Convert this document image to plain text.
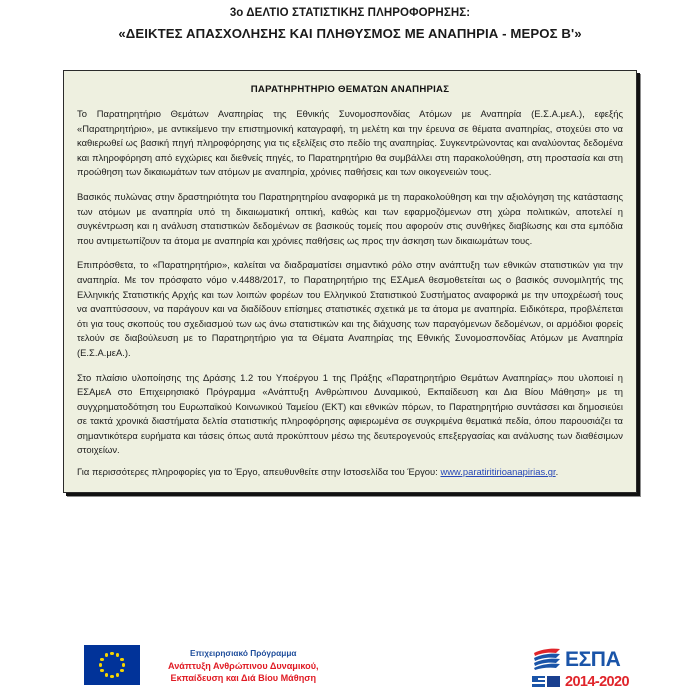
3ο ΔΕΛΤΙΟ ΣΤΑΤΙΣΤΙΚΗΣ ΠΛΗΡΟΦΟΡΗΣΗΣ:
«ΔΕΙΚΤΕΣ ΑΠΑΣΧΟΛΗΣΗΣ ΚΑΙ ΠΛΗΘΥΣΜΟΣ ΜΕ ΑΝΑΠΗΡΙΑ - ΜΕΡΟΣ Β'»
ΠΑΡΑΤΗΡΗΤΗΡΙΟ ΘΕΜΑΤΩΝ ΑΝΑΠΗΡΙΑΣ

Το Παρατηρητήριο Θεμάτων Αναπηρίας της Εθνικής Συνομοσπονδίας Ατόμων με Αναπηρία (Ε.Σ.Α.μεΑ.), εφεξής «Παρατηρητήριο», με αντικείμενο την επιστημονική καταγραφή, τη μελέτη και την έρευνα σε θέματα αναπηρίας, στοχεύει στο να καθιερωθεί ως βασική πηγή πληροφόρησης για τις εξελίξεις στο πεδίο της αναπηρίας. Συγκεντρώνοντας και αναλύοντας δεδομένα και πληροφόρηση από εγχώριες και διεθνείς πηγές, το Παρατηρητήριο θα συμβάλλει στη παρακολούθηση, στη προστασία και στη προώθηση των δικαιωμάτων των ατόμων με αναπηρία, χρόνιες παθήσεις και των οικογενειών τους.

Βασικός πυλώνας στην δραστηριότητα του Παρατηρητηρίου αναφορικά με τη παρακολούθηση και την αξιολόγηση της κατάστασης των ατόμων με αναπηρία υπό τη δικαιωματική οπτική, καθώς και των εφαρμοζόμενων στη χώρα πολιτικών, αποτελεί η συγκέντρωση και η ανάλυση στατιστικών δεδομένων σε βασικούς τομείς που αφορούν στις συνθήκες διαβίωσης και στα εμπόδια που αντιμετωπίζουν τα άτομα με αναπηρία και χρόνιες παθήσεις ως προς την άσκηση των δικαιωμάτων τους.

Επιπρόσθετα, το «Παρατηρητήριο», καλείται να διαδραματίσει σημαντικό ρόλο στην ανάπτυξη των εθνικών στατιστικών για την αναπηρία. Με τον πρόσφατο νόμο ν.4488/2017, το Παρατηρητήριο της ΕΣΑμεΑ θεσμοθετείται ως ο βασικός συνομιλητής της Ελληνικής Στατιστικής Αρχής και των λοιπών φορέων του Ελληνικού Στατιστικού Συστήματος αναφορικά με την υποχρέωσή τους να αναπτύσσουν, να παράγουν και να διαδίδουν επίσημες στατιστικές σχετικά με τα άτομα με αναπηρία. Ειδικότερα, προβλέπεται ότι για τους σκοπούς του σχεδιασμού των ως άνω στατιστικών και της διάχυσης των παραγόμενων δεδομένων, οι αρμόδιοι φορείς τελούν σε διαβούλευση με το Παρατηρητήριο για τα Θέματα Αναπηρίας της Εθνικής Συνομοσπονδίας Ατόμων με Αναπηρία (Ε.Σ.Α.μεΑ.).

Στο πλαίσιο υλοποίησης της Δράσης 1.2 του Υποέργου 1 της Πράξης «Παρατηρητήριο Θεμάτων Αναπηρίας» που υλοποιεί η ΕΣΑμεΑ στο Επιχειρησιακό Πρόγραμμα «Ανάπτυξη Ανθρώπινου Δυναμικού, Εκπαίδευση και Δια Βίου Μάθηση» με τη συγχρηματοδότηση του Ευρωπαϊκού Κοινωνικού Ταμείου (ΕΚΤ) και εθνικών πόρων, το Παρατηρητήριο συντάσσει και δημοσιεύει σε τακτά χρονικά διαστήματα δελτία στατιστικής πληροφόρησης αφιερωμένα σε συγκριμένα θεματικά πεδία, όπου παρουσιάζει τα σημαντικότερα ευρήματα και τάσεις όπως αυτά προκύπτουν μέσω της δευτερογενούς επεξεργασίας και ανάλυσης των διαθέσιμων στοιχείων.

Για περισσότερες πληροφορίες για το Έργο, απευθυνθείτε στην Ιστοσελίδα του Έργου: www.paratiritirioanapirias.gr.

Επιχειρησιακό Πρόγραμμα
Ανάπτυξη Ανθρώπινου Δυναμικού,
Εκπαίδευση και Διά Βίου Μάθηση
ΕΣΠΑ
2014-2020
